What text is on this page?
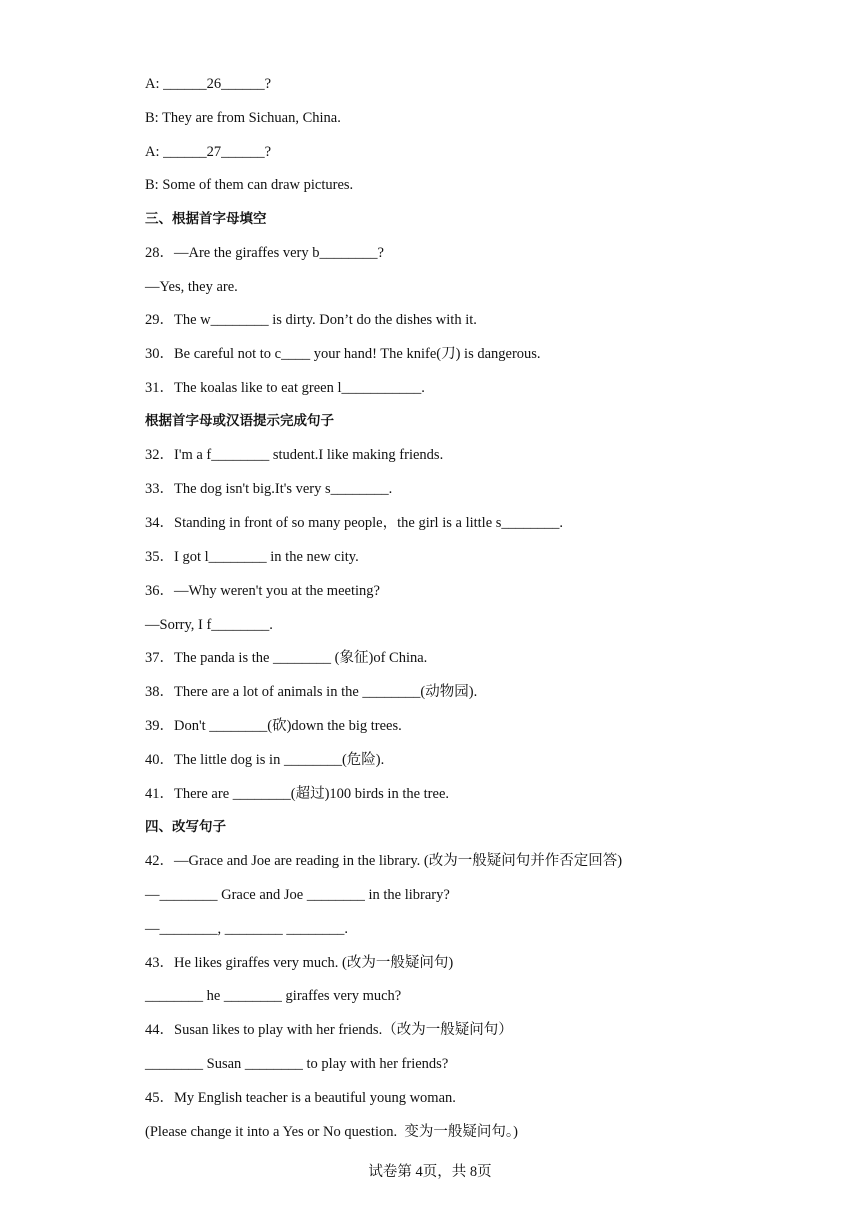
A: ______26______?
B: They are from Sichuan, China.
A: ______27______?
B: Some of them can draw pictures.
三、根据首字母填空
28．—Are the giraffes very b________?
—Yes, they are.
29．The w________ is dirty. Don’t do the dishes with it.
30．Be careful not to c____ your hand! The knife(刀) is dangerous.
31．The koalas like to eat green l___________.
根据首字母或汉语提示完成句子
32．I'm a f________ student.I like making friends.
33．The dog isn't big.It's very s________.
34．Standing in front of so many people，the girl is a little s________.
35．I got l________ in the new city.
36．—Why weren't you at the meeting?
—Sorry, I f________.
37．The panda is the ________ (象征)of China.
38．There are a lot of animals in the ________(动物园).
39．Don't ________(砍)down the big trees.
40．The little dog is in ________(危险).
41．There are ________(超过)100 birds in the tree.
四、改写句子
42．—Grace and Joe are reading in the library. (改为一般疑问句并作否定回答)
—________ Grace and Joe ________ in the library?
—________, ________ ________.
43．He likes giraffes very much. (改为一般疑问句)
________ he ________ giraffes very much?
44．Susan likes to play with her friends.（改为一般疑问句）
________ Susan ________ to play with her friends?
45．My English teacher is a beautiful young woman.
(Please change it into a Yes or No question.  变为一般疑问句。)
试卷第 4页，共 8页
